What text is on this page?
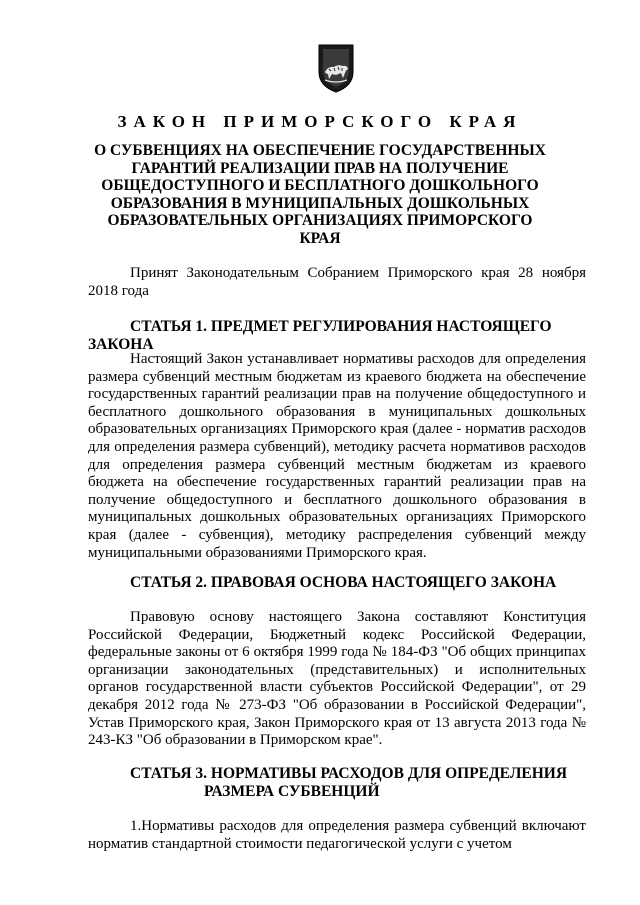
ЗАКОН ПРИМОРСКОГО КРАЯ
О СУБВЕНЦИЯХ НА ОБЕСПЕЧЕНИЕ ГОСУДАРСТВЕННЫХ ГАРАНТИЙ РЕАЛИЗАЦИИ ПРАВ НА ПОЛУЧЕНИЕ ОБЩЕДОСТУПНОГО И БЕСПЛАТНОГО ДОШКОЛЬНОГО ОБРАЗОВАНИЯ В МУНИЦИПАЛЬНЫХ ДОШКОЛЬНЫХ ОБРАЗОВАТЕЛЬНЫХ ОРГАНИЗАЦИЯХ ПРИМОРСКОГО КРАЯ

Принят Законодательным Собранием Приморского края 28 ноября 2018 года

СТАТЬЯ 1. ПРЕДМЕТ РЕГУЛИРОВАНИЯ НАСТОЯЩЕГО ЗАКОНА

Настоящий Закон устанавливает нормативы расходов для определения размера субвенций местным бюджетам из краевого бюджета на обеспечение государственных гарантий реализации прав на получение общедоступного и бесплатного дошкольного образования в муниципальных дошкольных образовательных организациях Приморского края (далее - норматив расходов для определения размера субвенций), методику расчета нормативов расходов для определения размера субвенций местным бюджетам из краевого бюджета на обеспечение государственных гарантий реализации прав на получение общедоступного и бесплатного дошкольного образования в муниципальных дошкольных образовательных организациях Приморского края (далее - субвенция), методику распределения субвенций между муниципальными образованиями Приморского края.

СТАТЬЯ 2. ПРАВОВАЯ ОСНОВА НАСТОЯЩЕГО ЗАКОНА

Правовую основу настоящего Закона составляют Конституция Российской Федерации, Бюджетный кодекс Российской Федерации, федеральные законы от 6 октября 1999 года № 184-ФЗ "Об общих принципах организации законодательных (представительных) и исполнительных органов государственной власти субъектов Российской Федерации", от 29 декабря 2012 года № 273-ФЗ "Об образовании в Российской Федерации", Устав Приморского края, Закон Приморского края от 13 августа 2013 года № 243-КЗ "Об образовании в Приморском крае".

СТАТЬЯ 3. НОРМАТИВЫ РАСХОДОВ ДЛЯ ОПРЕДЕЛЕНИЯ
РАЗМЕРА СУБВЕНЦИЙ

1.Нормативы расходов для определения размера субвенций включают норматив стандартной стоимости педагогической услуги с учетом
